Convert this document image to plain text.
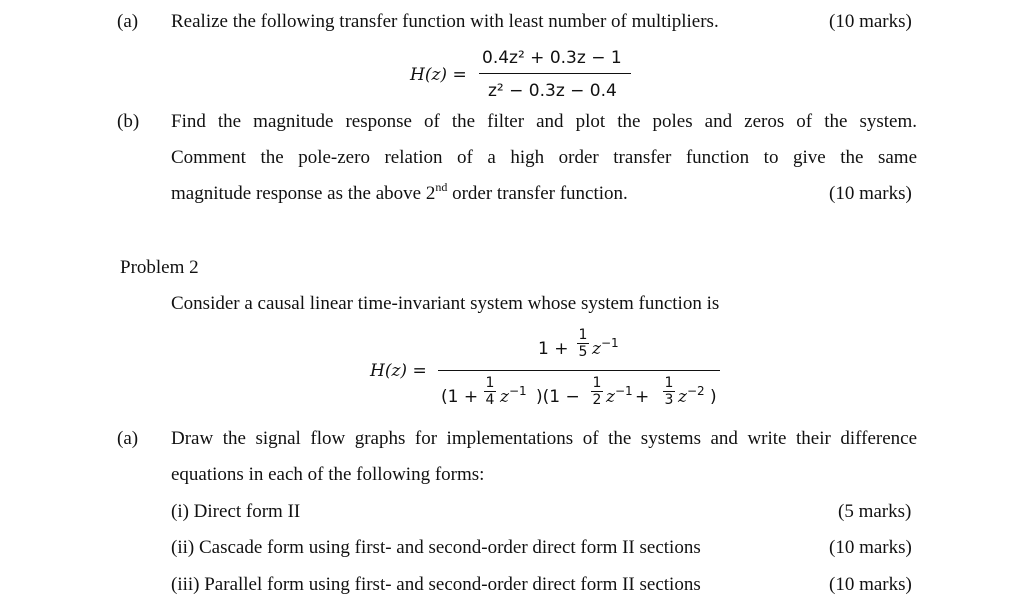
(a) Realize the following transfer function with least number of multipliers.	(10 marks)
H(z) =
0.4z² + 0.3z − 1
z² − 0.3z − 0.4
(b) Find the magnitude response of the filter and plot the poles and zeros of the system.
Comment the pole-zero relation of a high order transfer function to give the same
magnitude response as the above 2nd order transfer function.	(10 marks)
Problem 2
Consider a causal linear time-invariant system whose system function is
H(z) =
1 +
1
5 $z^{-1}$
(1 +
1
4 $z^{-1}$ )(1 −
1
2 $z^{-1}$ +
1
3 $z^{-2}$ )
(a) Draw the signal flow graphs for implementations of the systems and write their difference
equations in each of the following forms:
(i) Direct form II	(5 marks)
(ii) Cascade form using first- and second-order direct form II sections	(10 marks)
(iii) Parallel form using first- and second-order direct form II sections	(10 marks)
